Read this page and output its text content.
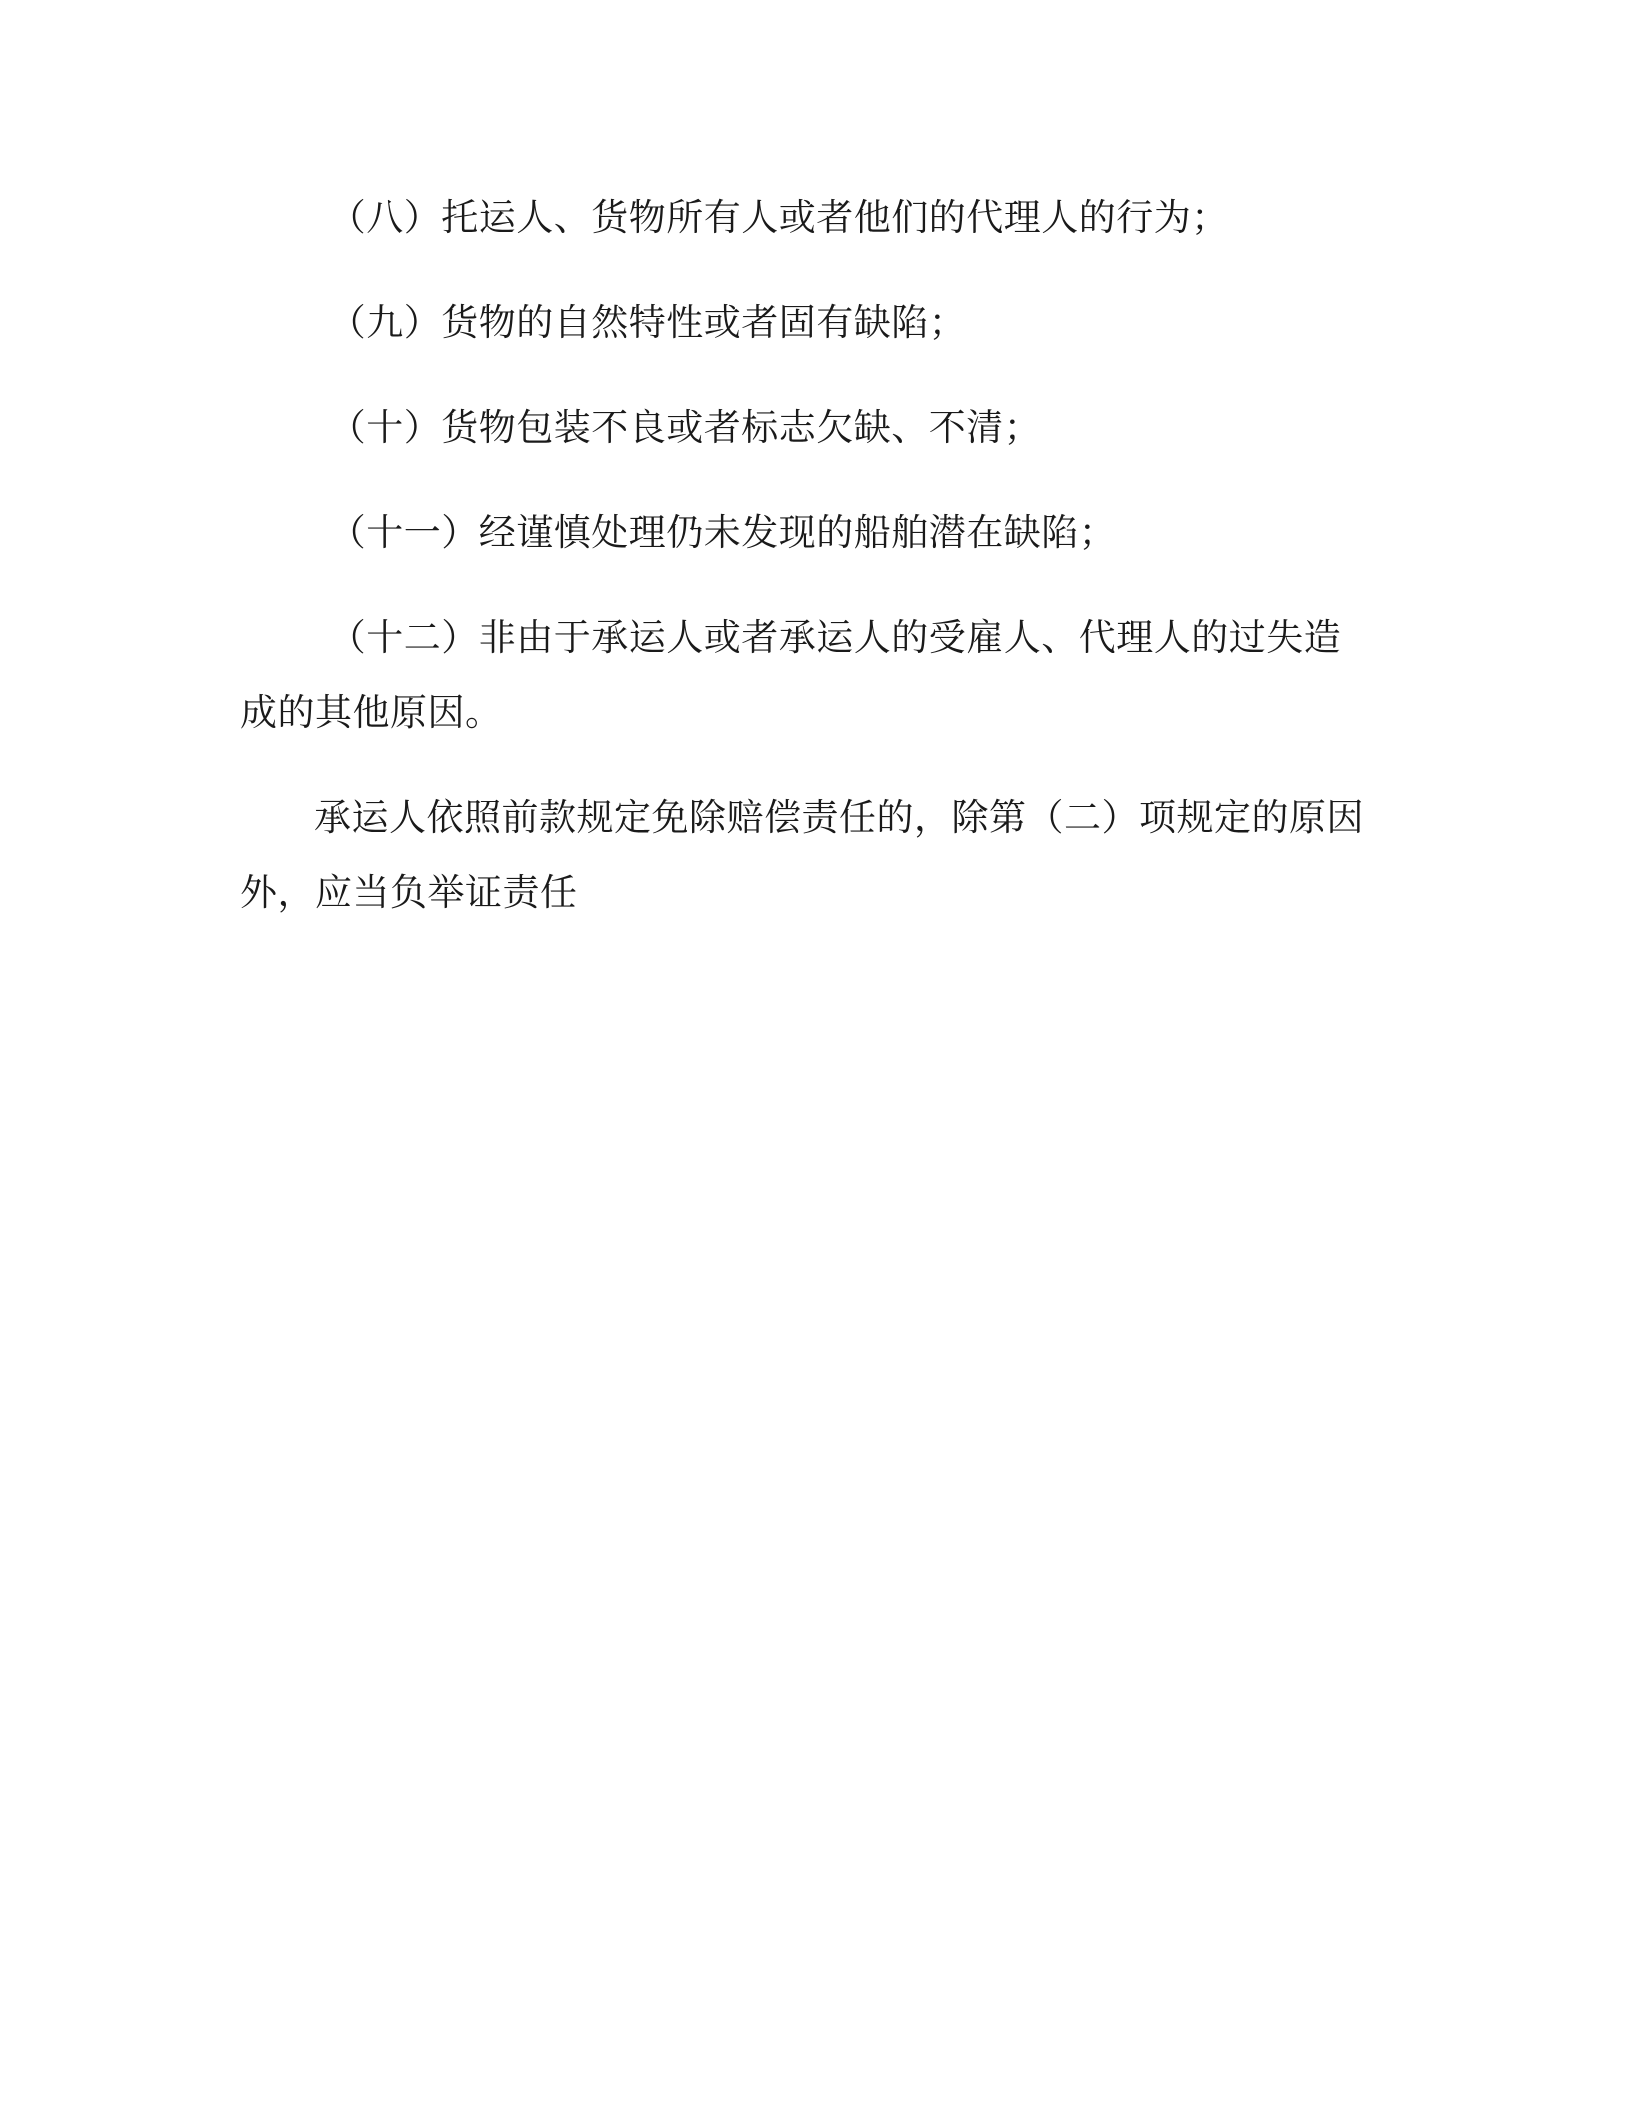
（八）托运人、货物所有人或者他们的代理人的行为；

（九）货物的自然特性或者固有缺陷；

（十）货物包装不良或者标志欠缺、不清；

（十一）经谨慎处理仍未发现的船舶潜在缺陷；

（十二）非由于承运人或者承运人的受雇人、代理人的过失造成的其他原因。

承运人依照前款规定免除赔偿责任的，除第（二）项规定的原因外，应当负举证责任
